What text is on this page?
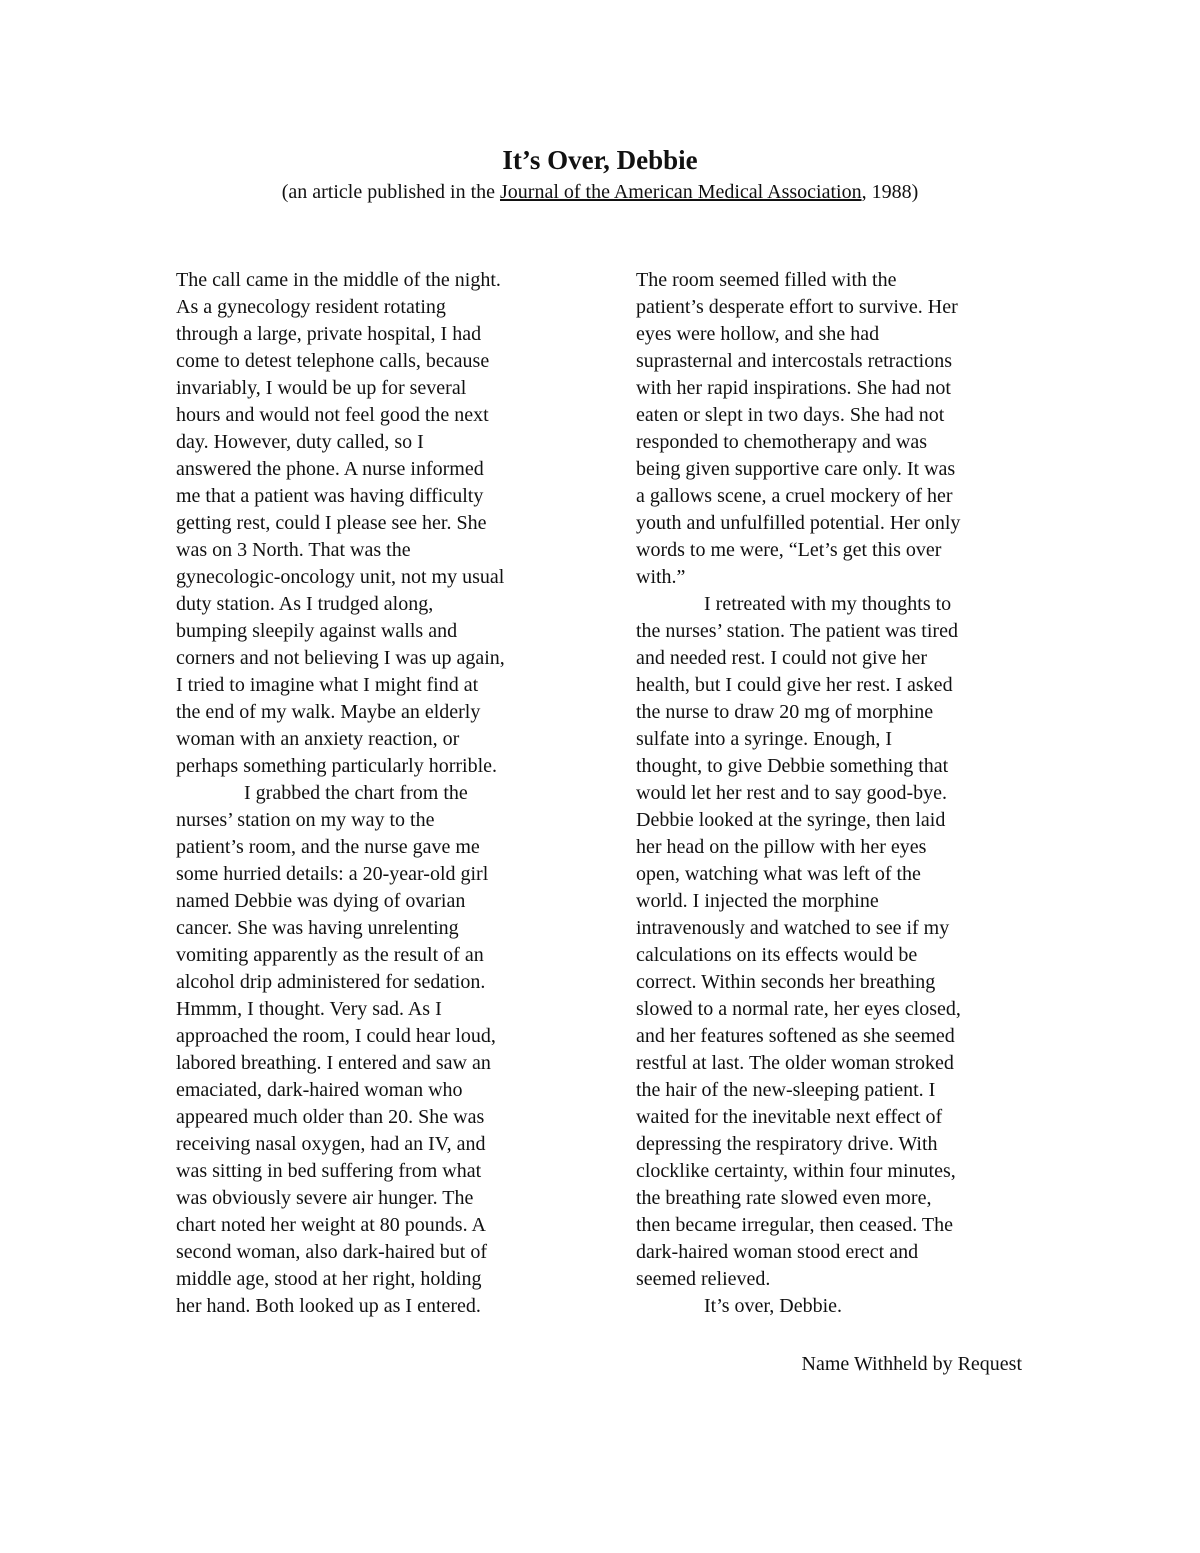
It’s Over, Debbie

(an article published in the Journal of the American Medical Association, 1988)

The call came in the middle of the night.
As a gynecology resident rotating
through a large, private hospital, I had
come to detest telephone calls, because
invariably, I would be up for several
hours and would not feel good the next
day. However, duty called, so I
answered the phone. A nurse informed
me that a patient was having difficulty
getting rest, could I please see her. She
was on 3 North. That was the
gynecologic-oncology unit, not my usual
duty station. As I trudged along,
bumping sleepily against walls and
corners and not believing I was up again,
I tried to imagine what I might find at
the end of my walk. Maybe an elderly
woman with an anxiety reaction, or
perhaps something particularly horrible.
I grabbed the chart from the
nurses’ station on my way to the
patient’s room, and the nurse gave me
some hurried details: a 20-year-old girl
named Debbie was dying of ovarian
cancer. She was having unrelenting
vomiting apparently as the result of an
alcohol drip administered for sedation.
Hmmm, I thought. Very sad. As I
approached the room, I could hear loud,
labored breathing. I entered and saw an
emaciated, dark-haired woman who
appeared much older than 20. She was
receiving nasal oxygen, had an IV, and
was sitting in bed suffering from what
was obviously severe air hunger. The
chart noted her weight at 80 pounds. A
second woman, also dark-haired but of
middle age, stood at her right, holding
her hand. Both looked up as I entered.
The room seemed filled with the
patient’s desperate effort to survive. Her
eyes were hollow, and she had
suprasternal and intercostals retractions
with her rapid inspirations. She had not
eaten or slept in two days. She had not
responded to chemotherapy and was
being given supportive care only. It was
a gallows scene, a cruel mockery of her
youth and unfulfilled potential. Her only
words to me were, “Let’s get this over
with.”
I retreated with my thoughts to
the nurses’ station. The patient was tired
and needed rest. I could not give her
health, but I could give her rest. I asked
the nurse to draw 20 mg of morphine
sulfate into a syringe. Enough, I
thought, to give Debbie something that
would let her rest and to say good-bye.
Debbie looked at the syringe, then laid
her head on the pillow with her eyes
open, watching what was left of the
world. I injected the morphine
intravenously and watched to see if my
calculations on its effects would be
correct. Within seconds her breathing
slowed to a normal rate, her eyes closed,
and her features softened as she seemed
restful at last. The older woman stroked
the hair of the new-sleeping patient. I
waited for the inevitable next effect of
depressing the respiratory drive. With
clocklike certainty, within four minutes,
the breathing rate slowed even more,
then became irregular, then ceased. The
dark-haired woman stood erect and
seemed relieved.
It’s over, Debbie.
Name Withheld by Request
